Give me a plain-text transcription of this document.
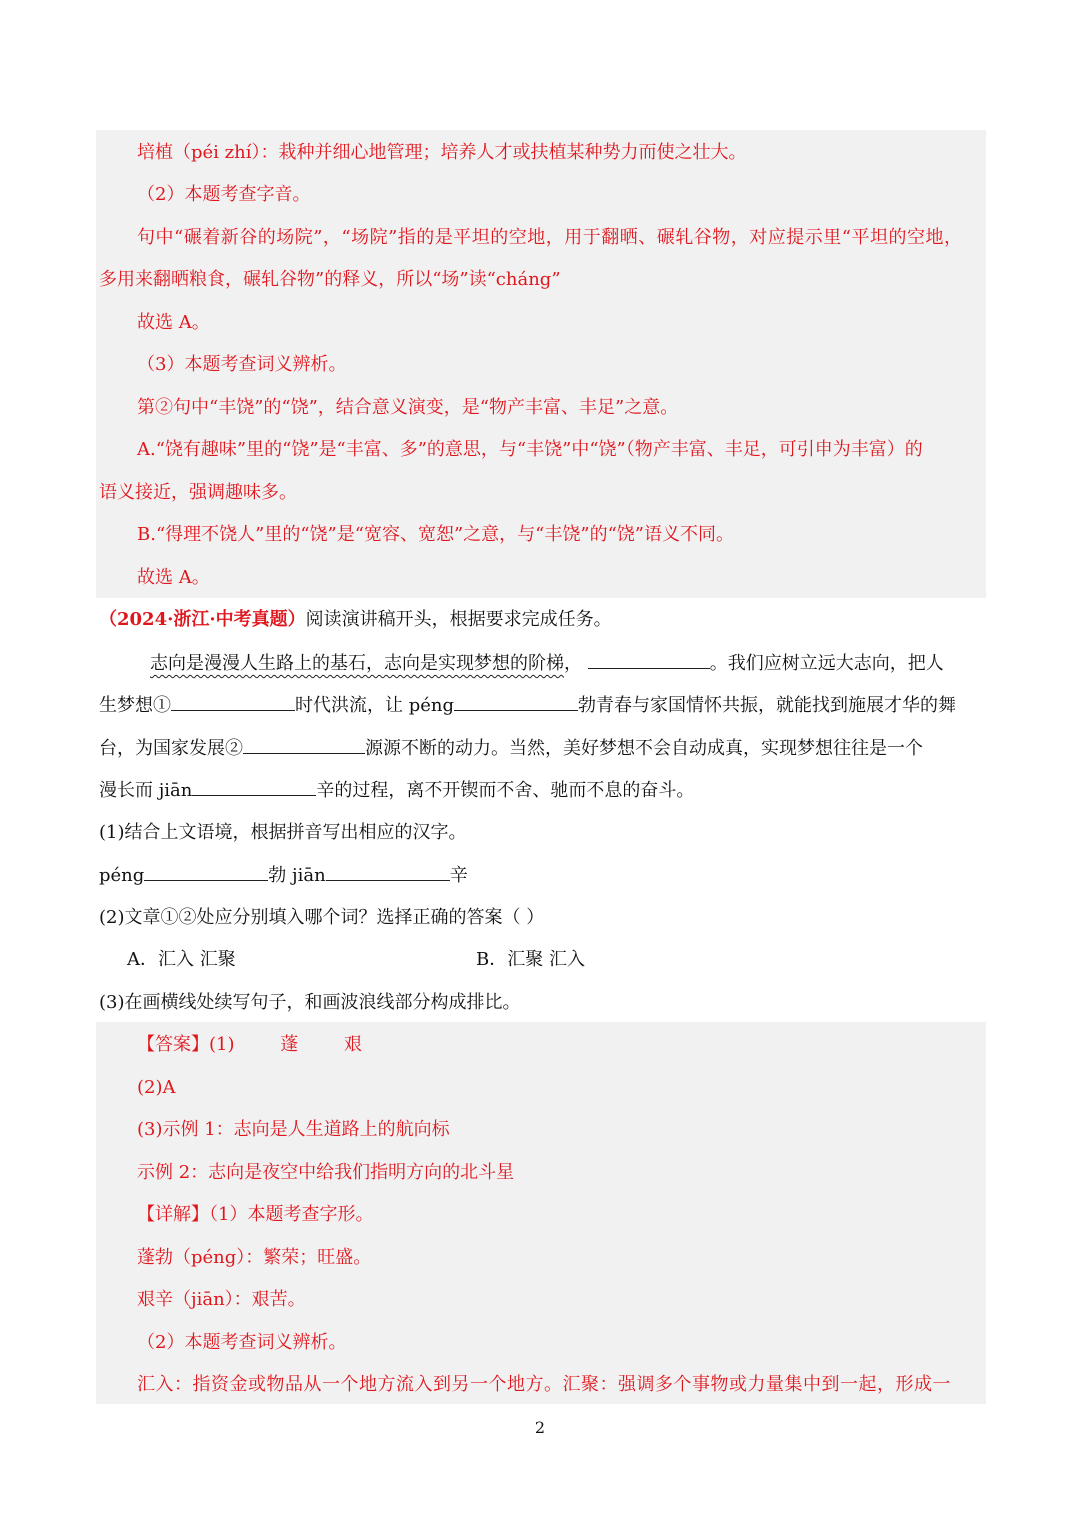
培植（péi zhí）：栽种并细心地管理；培养人才或扶植某种势力而使之壮大。
（2）本题考查字音。
句中“碾着新谷的场院”，“场院”指的是平坦的空地，用于翻晒、碾轧谷物，对应提示里“平坦的空地，
多用来翻晒粮食，碾轧谷物”的释义，所以“场”读“cháng”
故选 A。
（3）本题考查词义辨析。
第②句中“丰饶”的“饶”，结合意义演变，是“物产丰富、丰足”之意。
A.“饶有趣味”里的“饶”是“丰富、多”的意思，与“丰饶”中“饶”（物产丰富、丰足，可引申为丰富）的
语义接近，强调趣味多。
B.“得理不饶人”里的“饶”是“宽容、宽恕”之意，与“丰饶”的“饶”语义不同。
故选 A。
（2024·浙江·中考真题）阅读演讲稿开头，根据要求完成任务。
志向是漫漫人生路上的基石，志向是实现梦想的阶梯，	。我们应树立远大志向，把人
生梦想①	时代洪流，让 péng	勃青春与家国情怀共振，就能找到施展才华的舞
台，为国家发展②	源源不断的动力。当然，美好梦想不会自动成真，实现梦想往往是一个
漫长而 jiān	辛的过程，离不开锲而不舍、驰而不息的奋斗。
(1)结合上文语境，根据拼音写出相应的汉字。
péng	勃 jiān	辛
(2)文章①②处应分别填入哪个词？选择正确的答案（ ）
A．汇入 汇聚	B．汇聚 汇入
(3)在画横线处续写句子，和画波浪线部分构成排比。
【答案】(1)        蓬        艰
(2)A
(3)示例 1：志向是人生道路上的航向标
示例 2：志向是夜空中给我们指明方向的北斗星
【详解】（1）本题考查字形。
蓬勃（péng）：繁荣；旺盛。
艰辛（jiān）：艰苦。
（2）本题考查词义辨析。
汇入：指资金或物品从一个地方流入到另一个地方。汇聚：强调多个事物或力量集中到一起，形成一
2
